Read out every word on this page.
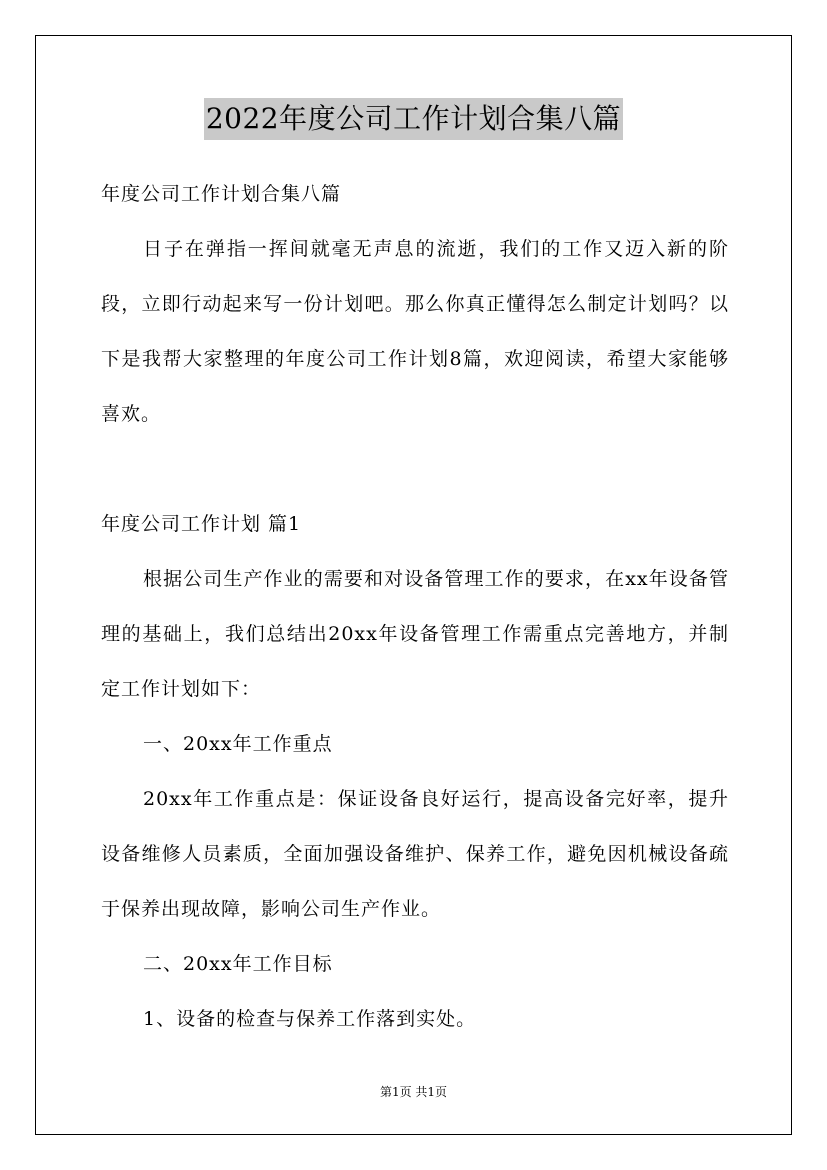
2022年度公司工作计划合集八篇

年度公司工作计划合集八篇

日子在弹指一挥间就毫无声息的流逝，我们的工作又迈入新的阶段，立即行动起来写一份计划吧。那么你真正懂得怎么制定计划吗？以下是我帮大家整理的年度公司工作计划8篇，欢迎阅读，希望大家能够喜欢。

年度公司工作计划 篇1

根据公司生产作业的需要和对设备管理工作的要求，在xx年设备管理的基础上，我们总结出20xx年设备管理工作需重点完善地方，并制定工作计划如下：

一、20xx年工作重点

20xx年工作重点是：保证设备良好运行，提高设备完好率，提升设备维修人员素质，全面加强设备维护、保养工作，避免因机械设备疏于保养出现故障，影响公司生产作业。

二、20xx年工作目标

1、设备的检查与保养工作落到实处。

第1页 共1页
